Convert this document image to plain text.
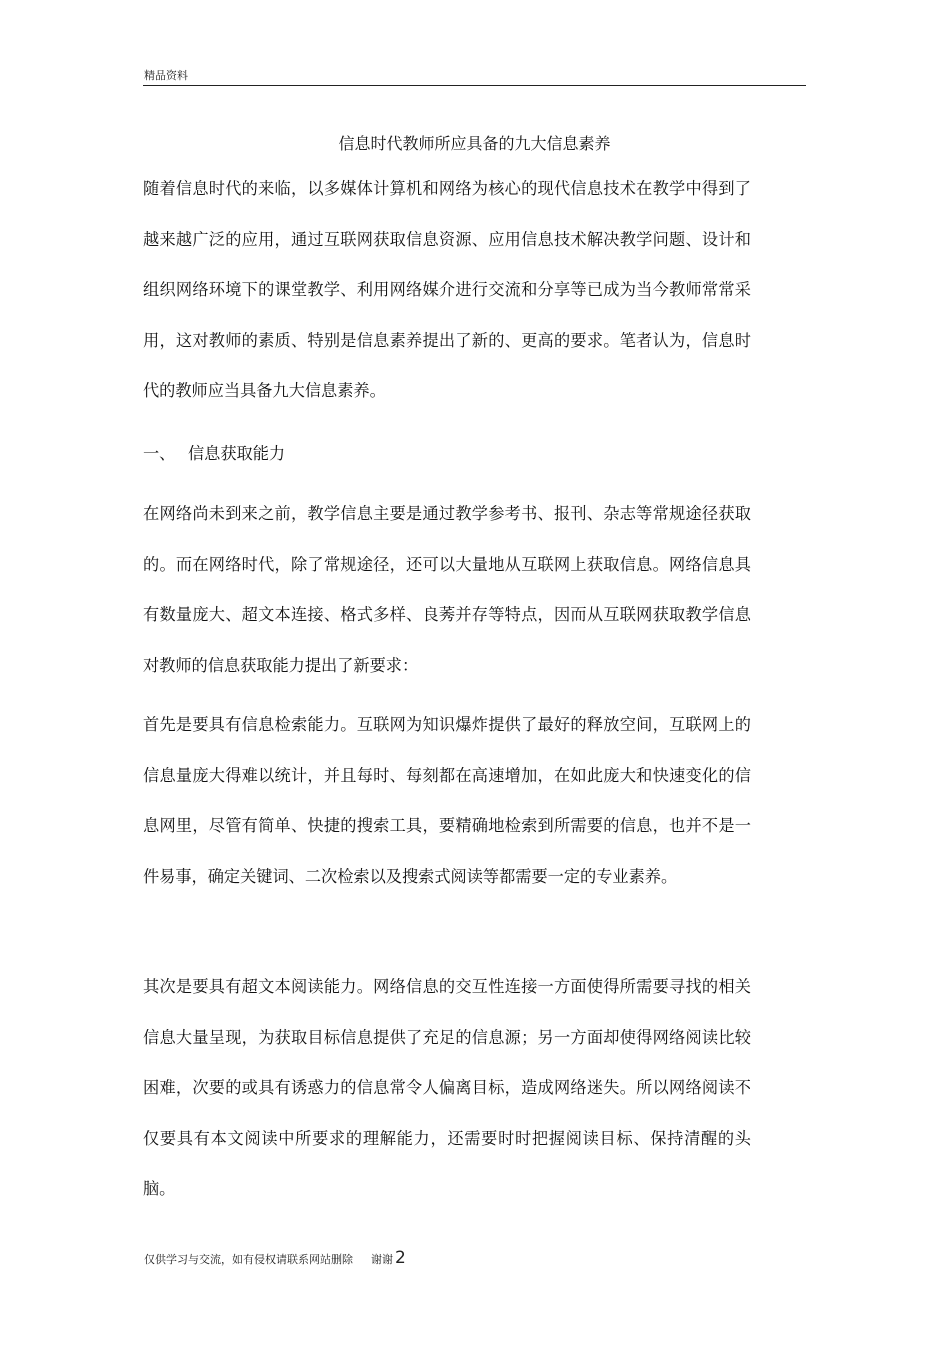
精品资料
信息时代教师所应具备的九大信息素养
随着信息时代的来临，以多媒体计算机和网络为核心的现代信息技术在教学中得到了越来越广泛的应用，通过互联网获取信息资源、应用信息技术解决教学问题、设计和组织网络环境下的课堂教学、利用网络媒介进行交流和分享等已成为当今教师常常采用，这对教师的素质、特别是信息素养提出了新的、更高的要求。笔者认为，信息时代的教师应当具备九大信息素养。
一、 信息获取能力
在网络尚未到来之前，教学信息主要是通过教学参考书、报刊、杂志等常规途径获取的。而在网络时代，除了常规途径，还可以大量地从互联网上获取信息。网络信息具有数量庞大、超文本连接、格式多样、良莠并存等特点，因而从互联网获取教学信息对教师的信息获取能力提出了新要求：
首先是要具有信息检索能力。互联网为知识爆炸提供了最好的释放空间，互联网上的信息量庞大得难以统计，并且每时、每刻都在高速增加，在如此庞大和快速变化的信息网里，尽管有简单、快捷的搜索工具，要精确地检索到所需要的信息，也并不是一件易事，确定关键词、二次检索以及搜索式阅读等都需要一定的专业素养。
其次是要具有超文本阅读能力。网络信息的交互性连接一方面使得所需要寻找的相关信息大量呈现，为获取目标信息提供了充足的信息源；另一方面却使得网络阅读比较困难，次要的或具有诱惑力的信息常令人偏离目标，造成网络迷失。所以网络阅读不仅要具有本文阅读中所要求的理解能力，还需要时时把握阅读目标、保持清醒的头脑。
仅供学习与交流，如有侵权请联系网站删除 谢谢 2
